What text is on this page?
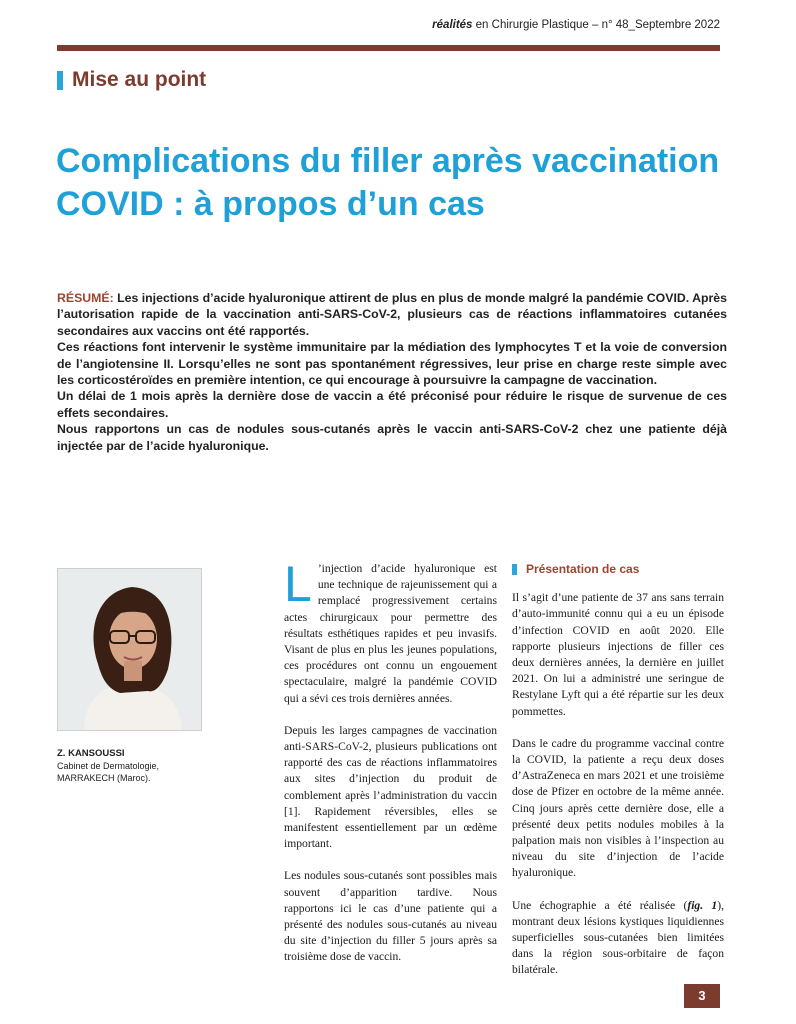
réalités en Chirurgie Plastique – n° 48_Septembre 2022
Mise au point
Complications du filler après vaccination COVID : à propos d’un cas

RÉSUMÉ: Les injections d’acide hyaluronique attirent de plus en plus de monde malgré la pandémie COVID. Après l’autorisation rapide de la vaccination anti-SARS-CoV-2, plusieurs cas de réactions inflammatoires cutanées secondaires aux vaccins ont été rapportés.

Ces réactions font intervenir le système immunitaire par la médiation des lymphocytes T et la voie de conversion de l’angiotensine II. Lorsqu’elles ne sont pas spontanément régressives, leur prise en charge reste simple avec les corticostéroïdes en première intention, ce qui encourage à poursuivre la campagne de vaccination.

Un délai de 1 mois après la dernière dose de vaccin a été préconisé pour réduire le risque de survenue de ces effets secondaires.

Nous rapportons un cas de nodules sous-cutanés après le vaccin anti-SARS-CoV-2 chez une patiente déjà injectée par de l’acide hyaluronique.

Z. KANSOUSSI
Cabinet de Dermatologie,
MARRAKECH (Maroc).

L ’injection d’acide hyaluronique est une technique de rajeunissement qui a remplacé progressivement certains actes chirurgicaux pour permettre des résultats esthétiques rapides et peu invasifs. Visant de plus en plus les jeunes populations, ces procédures ont connu un engouement spectaculaire, malgré la pandémie COVID qui a sévi ces trois dernières années.

Depuis les larges campagnes de vaccination anti-SARS-CoV-2, plusieurs publications ont rapporté des cas de réactions inflammatoires aux sites d’injection du produit de comblement après l’administration du vaccin [1]. Rapidement réversibles, elles se manifestent essentiellement par un œdème important.

Les nodules sous-cutanés sont possibles mais souvent d’apparition tardive. Nous rapportons ici le cas d’une patiente qui a présenté des nodules sous-cutanés au niveau du site d’injection du filler 5 jours après sa troisième dose de vaccin.

Présentation de cas

Il s’agit d’une patiente de 37 ans sans terrain d’auto-immunité connu qui a eu un épisode d’infection COVID en août 2020. Elle rapporte plusieurs injections de filler ces deux dernières années, la dernière en juillet 2021. On lui a administré une seringue de Restylane Lyft qui a été répartie sur les deux pommettes.

Dans le cadre du programme vaccinal contre la COVID, la patiente a reçu deux doses d’AstraZeneca en mars 2021 et une troisième dose de Pfizer en octobre de la même année. Cinq jours après cette dernière dose, elle a présenté deux petits nodules mobiles à la palpation mais non visibles à l’inspection au niveau du site d’injection de l’acide hyaluronique.

Une échographie a été réalisée (fig. 1), montrant deux lésions kystiques liquidiennes superficielles sous-cutanées bien limitées dans la région sous-orbitaire de façon bilatérale.

3
